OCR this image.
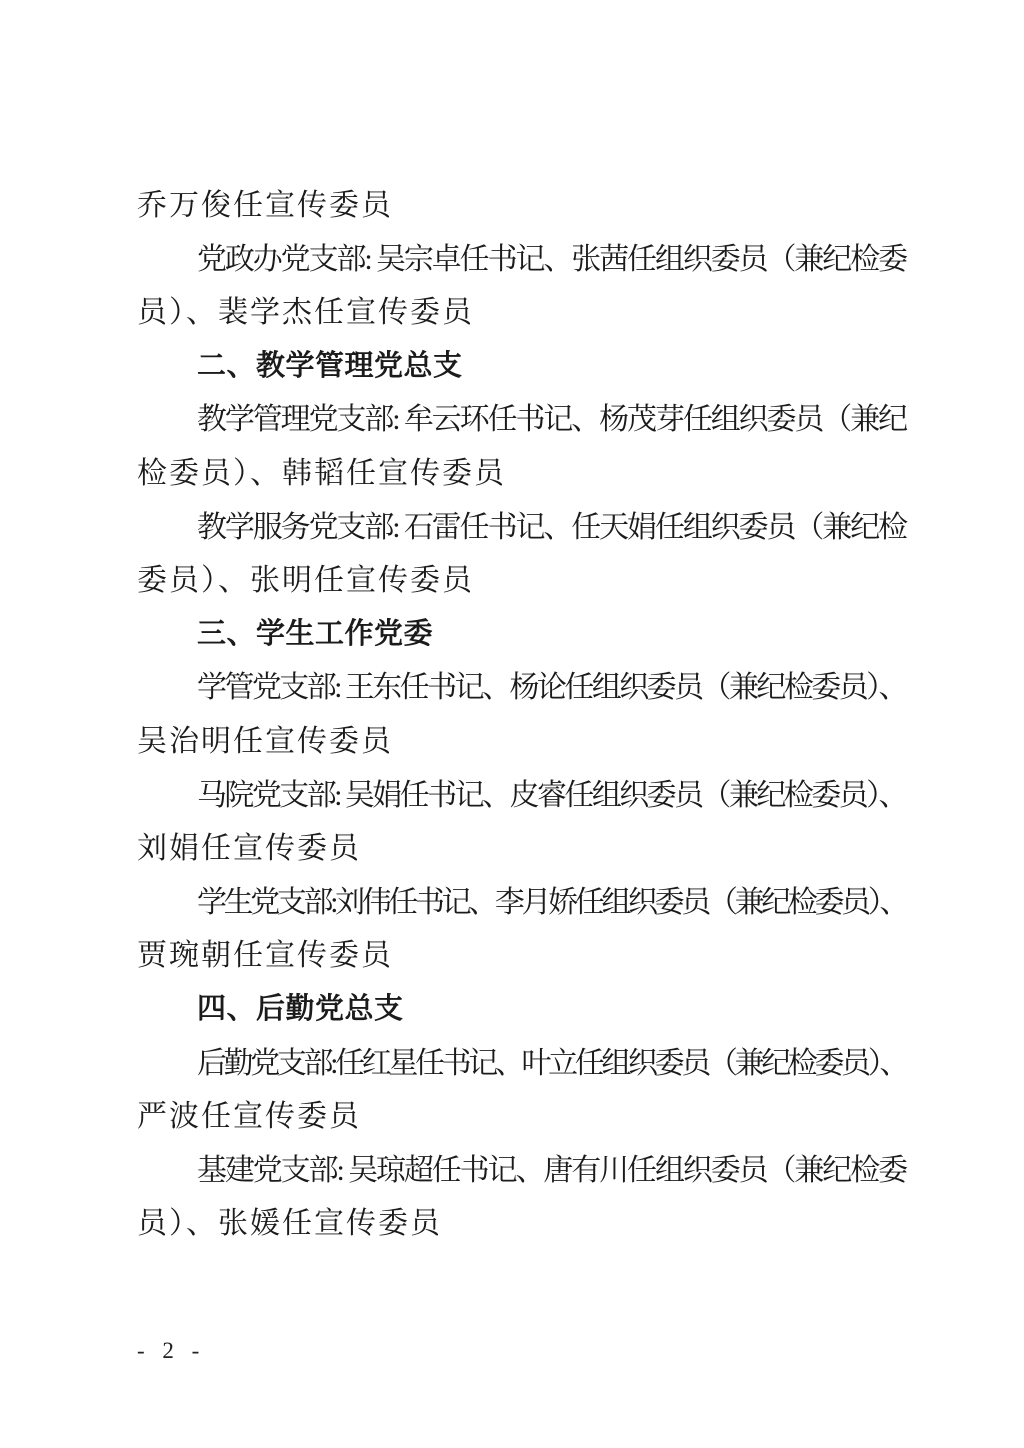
乔万俊任宣传委员
党政办党支部: 吴宗卓任书记、张茜任组织委员（兼纪检委
员）、裴学杰任宣传委员
二、教学管理党总支
教学管理党支部: 牟云环任书记、杨茂芽任组织委员（兼纪
检委员）、韩韬任宣传委员
教学服务党支部: 石雷任书记、任天娟任组织委员（兼纪检
委员）、张明任宣传委员
三、学生工作党委
学管党支部: 王东任书记、杨论任组织委员（兼纪检委员）、
吴治明任宣传委员
马院党支部: 吴娟任书记、皮睿任组织委员（兼纪检委员）、
刘娟任宣传委员
学生党支部:刘伟任书记、李月娇任组织委员（兼纪检委员）、
贾琬朝任宣传委员
四、后勤党总支
后勤党支部:任红星任书记、叶立任组织委员（兼纪检委员）、
严波任宣传委员
基建党支部: 吴琼超任书记、唐有川任组织委员（兼纪检委
员）、张媛任宣传委员
- 2 -
